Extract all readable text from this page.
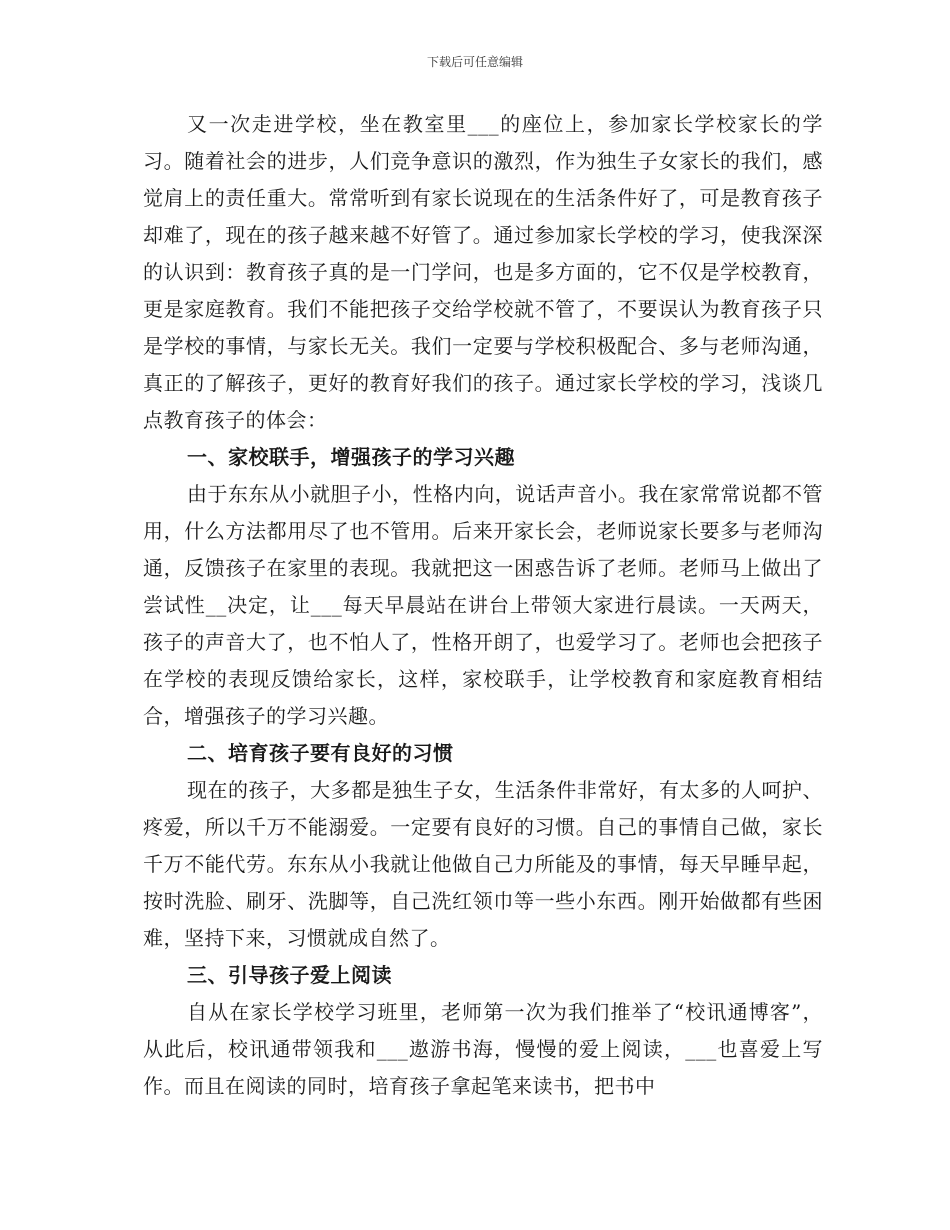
下载后可任意编辑

又一次走进学校，坐在教室里___的座位上，参加家长学校家长的学习。随着社会的进步，人们竞争意识的激烈，作为独生子女家长的我们，感觉肩上的责任重大。常常听到有家长说现在的生活条件好了，可是教育孩子却难了，现在的孩子越来越不好管了。通过参加家长学校的学习，使我深深的认识到：教育孩子真的是一门学问，也是多方面的，它不仅是学校教育，更是家庭教育。我们不能把孩子交给学校就不管了，不要误认为教育孩子只是学校的事情，与家长无关。我们一定要与学校积极配合、多与老师沟通，真正的了解孩子，更好的教育好我们的孩子。通过家长学校的学习，浅谈几点教育孩子的体会：

一、家校联手，增强孩子的学习兴趣

由于东东从小就胆子小，性格内向，说话声音小。我在家常常说都不管用，什么方法都用尽了也不管用。后来开家长会，老师说家长要多与老师沟通，反馈孩子在家里的表现。我就把这一困惑告诉了老师。老师马上做出了尝试性__决定，让___每天早晨站在讲台上带领大家进行晨读。一天两天，孩子的声音大了，也不怕人了，性格开朗了，也爱学习了。老师也会把孩子在学校的表现反馈给家长，这样，家校联手，让学校教育和家庭教育相结合，增强孩子的学习兴趣。

二、培育孩子要有良好的习惯

现在的孩子，大多都是独生子女，生活条件非常好，有太多的人呵护、疼爱，所以千万不能溺爱。一定要有良好的习惯。自己的事情自己做，家长千万不能代劳。东东从小我就让他做自己力所能及的事情，每天早睡早起，按时洗脸、刷牙、洗脚等，自己洗红领巾等一些小东西。刚开始做都有些困难，坚持下来，习惯就成自然了。

三、引导孩子爱上阅读

自从在家长学校学习班里，老师第一次为我们推举了“校讯通博客”，从此后，校讯通带领我和___遨游书海，慢慢的爱上阅读，___也喜爱上写作。而且在阅读的同时，培育孩子拿起笔来读书，把书中
